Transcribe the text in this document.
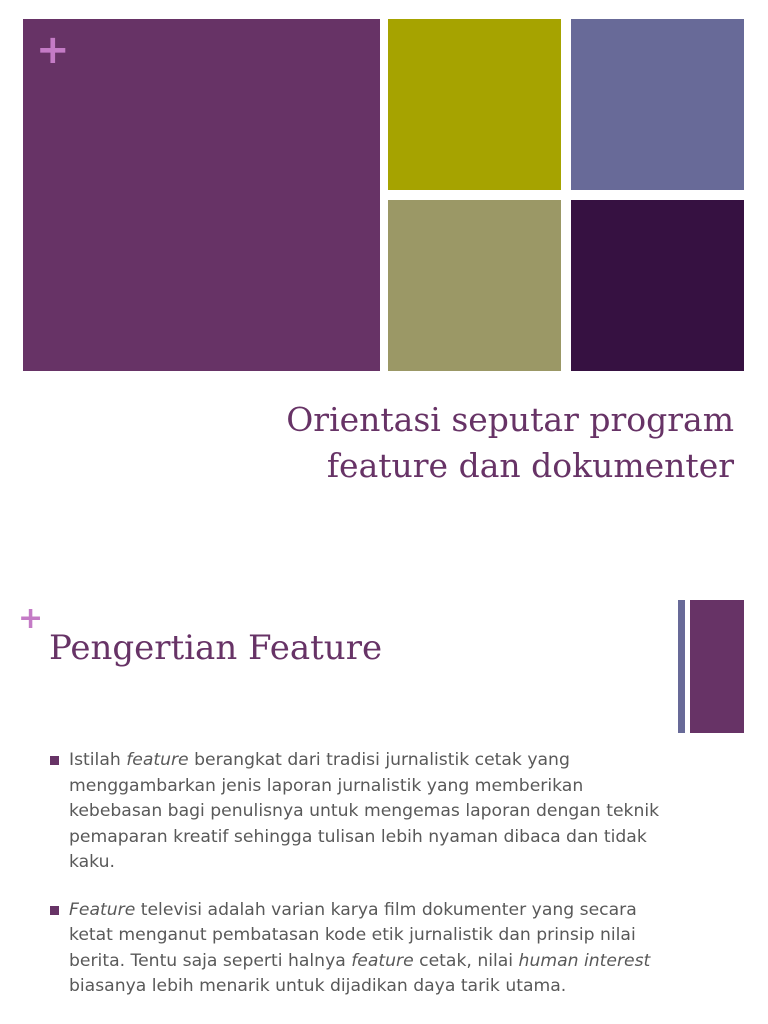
+
Orientasi seputar program
feature dan dokumenter
+
Pengertian Feature
Istilah feature berangkat dari tradisi jurnalistik cetak yang menggambarkan jenis laporan jurnalistik yang memberikan kebebasan bagi penulisnya untuk mengemas laporan dengan teknik pemaparan kreatif sehingga tulisan lebih nyaman dibaca dan tidak kaku.
Feature televisi adalah varian karya film dokumenter yang secara ketat menganut pembatasan kode etik jurnalistik dan prinsip nilai berita. Tentu saja seperti halnya feature cetak, nilai human interest biasanya lebih menarik untuk dijadikan daya tarik utama.
